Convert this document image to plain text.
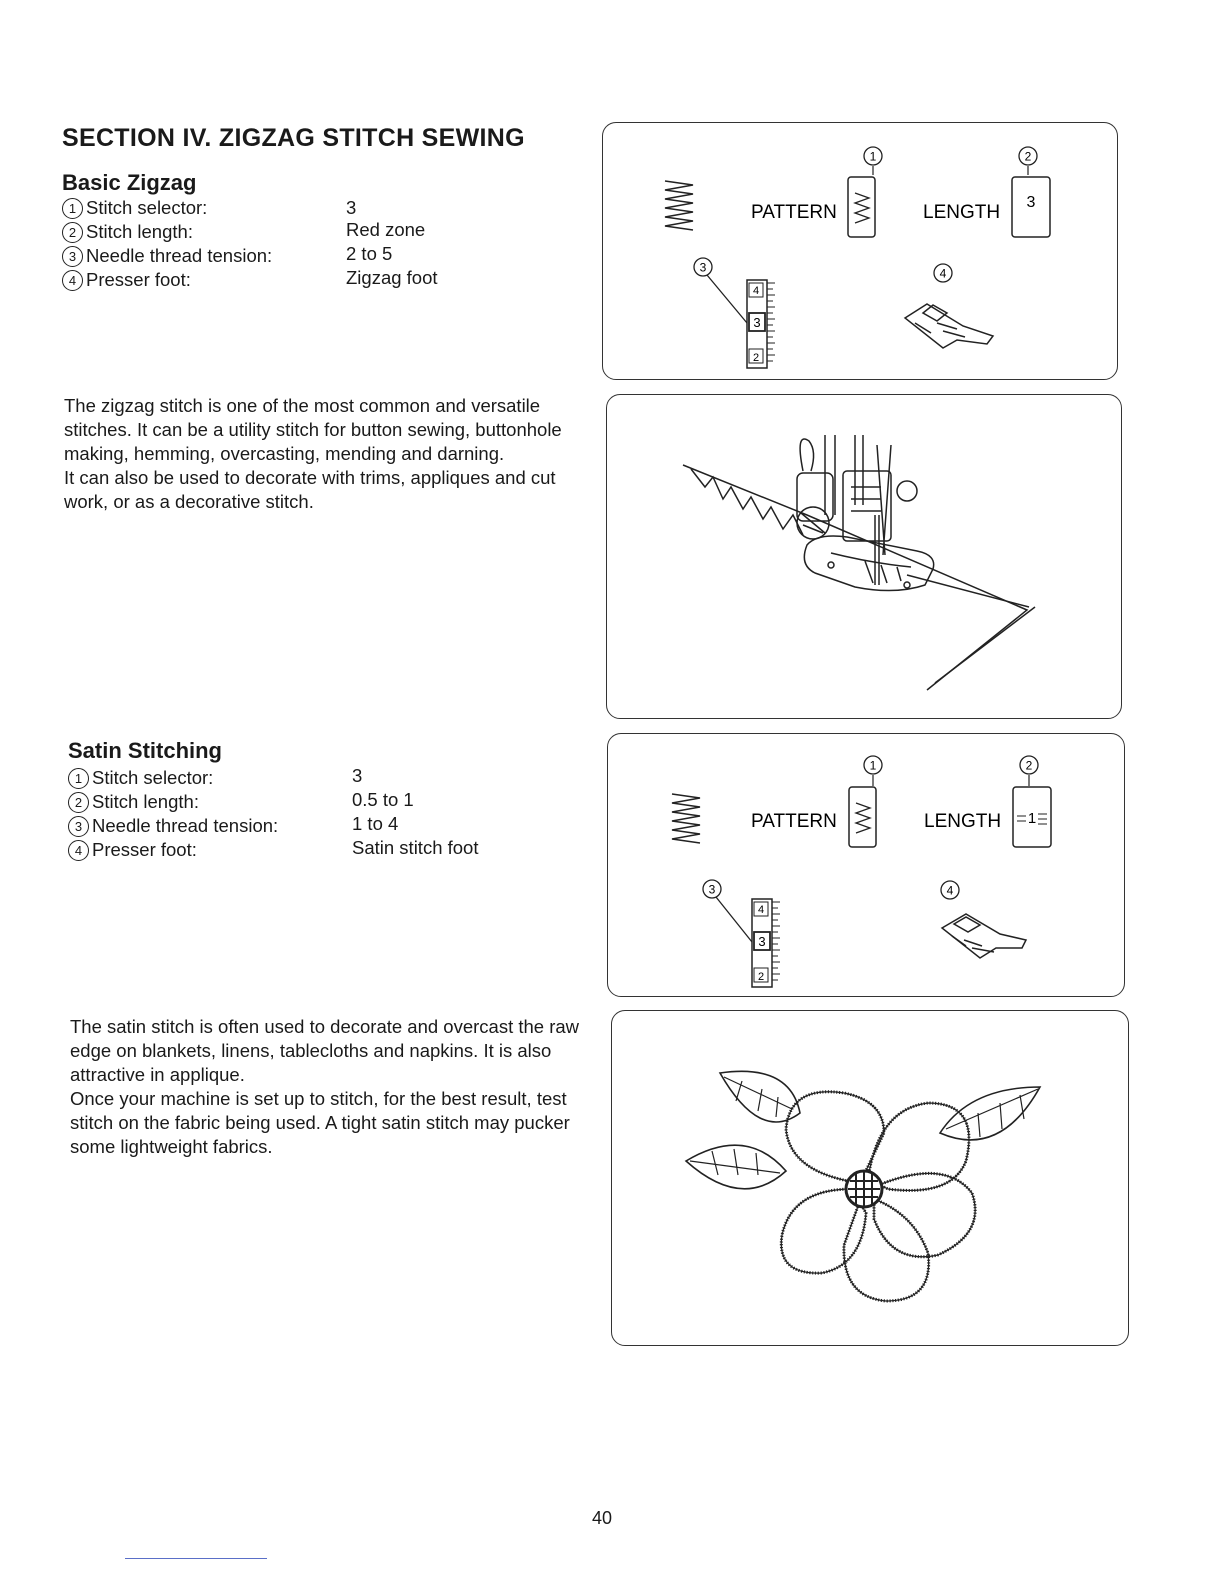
SECTION IV. ZIGZAG STITCH SEWING
Basic Zigzag
1 Stitch selector:	3
2 Stitch length:	Red zone
3 Needle thread tension:	2 to 5
4 Presser foot:	Zigzag foot

The zigzag stitch is one of the most common and versatile stitches. It can be a utility stitch for button sewing, buttonhole making, hemming, overcasting, mending and darning.

It can also be used to decorate with trims, appliques and cut work, or as a decorative stitch.

Satin Stitching
1 Stitch selector:	3
2 Stitch length:	0.5 to 1
3 Needle thread tension:	1 to 4
4 Presser foot:	Satin stitch foot

The satin stitch is often used to decorate and overcast the raw edge on blankets, linens, tablecloths and napkins. It is also attractive in applique.

Once your machine is set up to stitch, for the best result, test stitch on the fabric being used. A tight satin stitch may pucker some lightweight fabrics.

1	2
PATTERN	LENGTH 3
3
4
3
2
4
1	2
PATTERN	LENGTH 1
3
4
3
2
4
40
